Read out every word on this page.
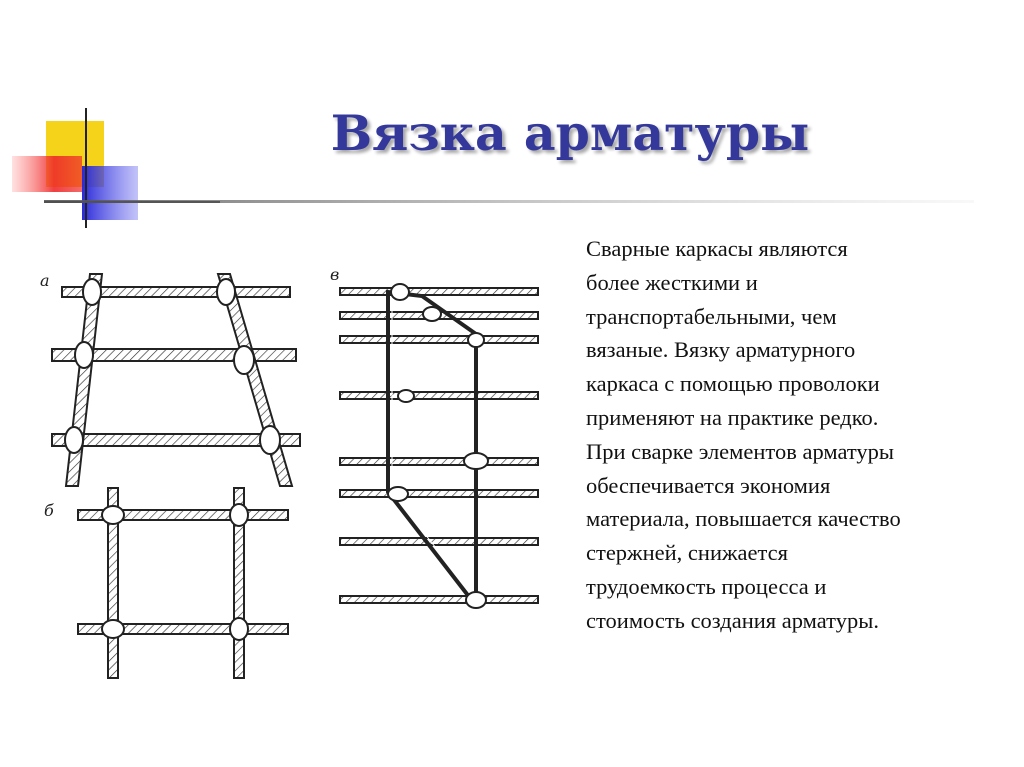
Вязка арматуры
а
б
в
Сварные каркасы являются
более жесткими и
транспортабельными, чем
вязаные. Вязку арматурного
каркаса с помощью проволоки
применяют на практике редко.
При сварке элементов арматуры
обеспечивается экономия
материала, повышается качество
стержней, снижается
трудоемкость процесса и
стоимость создания арматуры.
